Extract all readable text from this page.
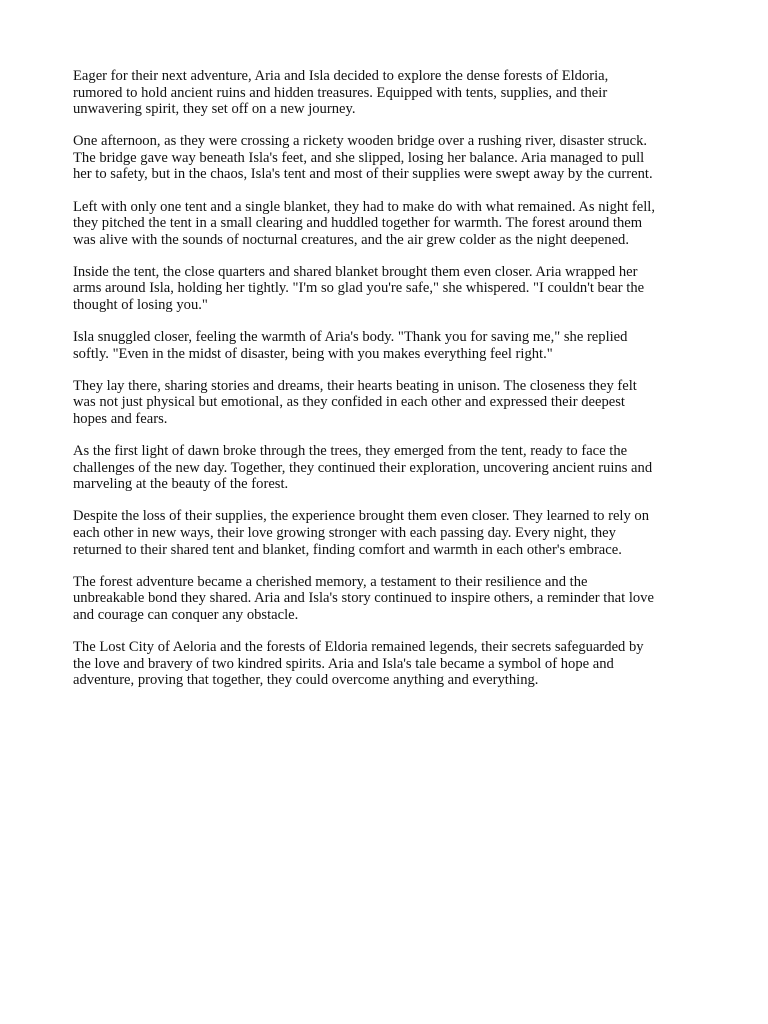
Eager for their next adventure, Aria and Isla decided to explore the dense forests of Eldoria,
rumored to hold ancient ruins and hidden treasures. Equipped with tents, supplies, and their
unwavering spirit, they set off on a new journey.

One afternoon, as they were crossing a rickety wooden bridge over a rushing river, disaster struck.
The bridge gave way beneath Isla's feet, and she slipped, losing her balance. Aria managed to pull
her to safety, but in the chaos, Isla's tent and most of their supplies were swept away by the current.

Left with only one tent and a single blanket, they had to make do with what remained. As night fell,
they pitched the tent in a small clearing and huddled together for warmth. The forest around them
was alive with the sounds of nocturnal creatures, and the air grew colder as the night deepened.

Inside the tent, the close quarters and shared blanket brought them even closer. Aria wrapped her
arms around Isla, holding her tightly. "I'm so glad you're safe," she whispered. "I couldn't bear the
thought of losing you."

Isla snuggled closer, feeling the warmth of Aria's body. "Thank you for saving me," she replied
softly. "Even in the midst of disaster, being with you makes everything feel right."

They lay there, sharing stories and dreams, their hearts beating in unison. The closeness they felt
was not just physical but emotional, as they confided in each other and expressed their deepest
hopes and fears.

As the first light of dawn broke through the trees, they emerged from the tent, ready to face the
challenges of the new day. Together, they continued their exploration, uncovering ancient ruins and
marveling at the beauty of the forest.

Despite the loss of their supplies, the experience brought them even closer. They learned to rely on
each other in new ways, their love growing stronger with each passing day. Every night, they
returned to their shared tent and blanket, finding comfort and warmth in each other's embrace.

The forest adventure became a cherished memory, a testament to their resilience and the
unbreakable bond they shared. Aria and Isla's story continued to inspire others, a reminder that love
and courage can conquer any obstacle.

The Lost City of Aeloria and the forests of Eldoria remained legends, their secrets safeguarded by
the love and bravery of two kindred spirits. Aria and Isla's tale became a symbol of hope and
adventure, proving that together, they could overcome anything and everything.
